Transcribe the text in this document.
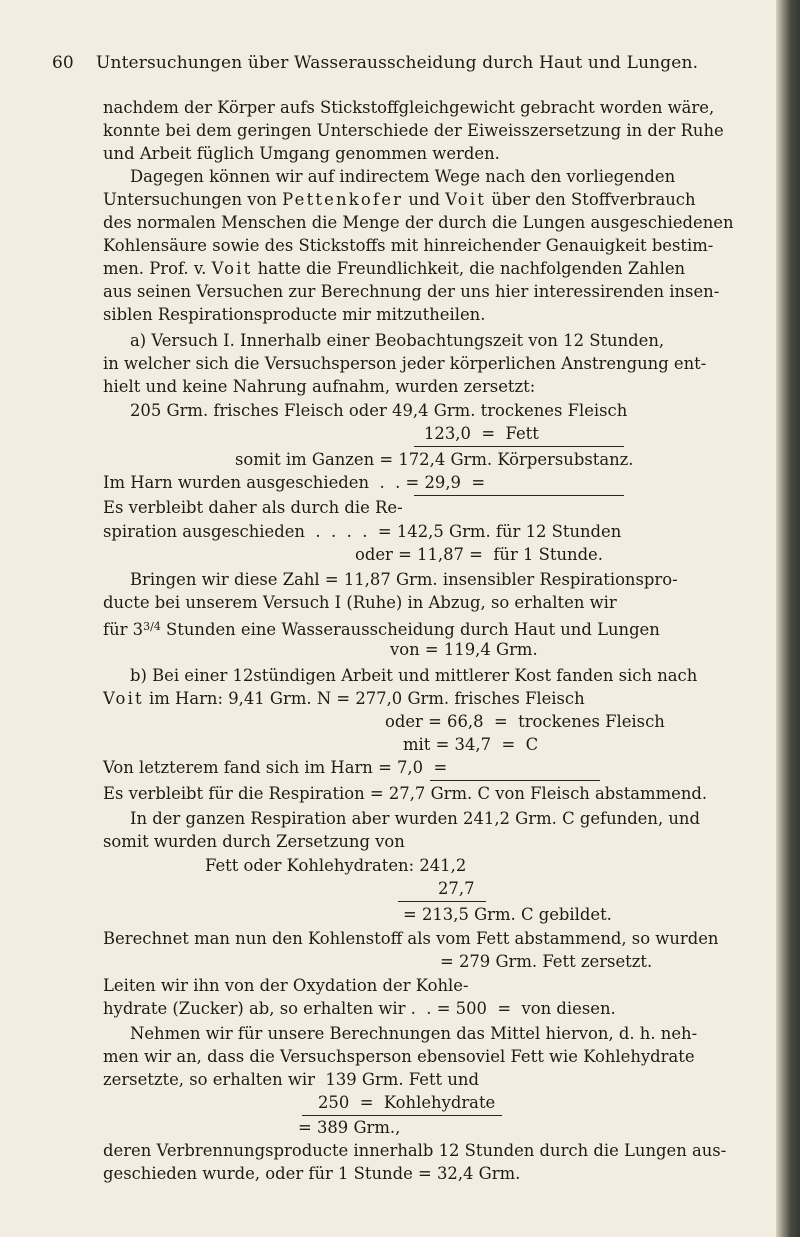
60 Untersuchungen über Wasserausscheidung durch Haut und Lungen.
nachdem der Körper aufs Stickstoffgleichgewicht gebracht worden wäre,
konnte bei dem geringen Unterschiede der Eiweisszersetzung in der Ruhe
und Arbeit füglich Umgang genommen werden.
Dagegen können wir auf indirectem Wege nach den vorliegenden
Untersuchungen von Pettenkofer und Voit über den Stoffverbrauch
des normalen Menschen die Menge der durch die Lungen ausgeschiedenen
Kohlensäure sowie des Stickstoffs mit hinreichender Genauigkeit bestim-
men. Prof. v. Voit hatte die Freundlichkeit, die nachfolgenden Zahlen
aus seinen Versuchen zur Berechnung der uns hier interessirenden insen-
siblen Respirationsproducte mir mitzutheilen.
a) Versuch I. Innerhalb einer Beobachtungszeit von 12 Stunden,
in welcher sich die Versuchsperson jeder körperlichen Anstrengung ent-
hielt und keine Nahrung aufnahm, wurden zersetzt:
205 Grm. frisches Fleisch oder 49,4 Grm. trockenes Fleisch
123,0  =  Fett
somit im Ganzen = 172,4 Grm. Körpersubstanz.
Im Harn wurden ausgeschieden  .  . = 29,9  =
Es verbleibt daher als durch die Re-
spiration ausgeschieden  .  .  .  .  = 142,5 Grm. für 12 Stunden
oder = 11,87 =  für 1 Stunde.
Bringen wir diese Zahl = 11,87 Grm. insensibler Respirationspro-
ducte bei unserem Versuch I (Ruhe) in Abzug, so erhalten wir
für $3^{3/4}$ Stunden eine Wasserausscheidung durch Haut und Lungen
von = 119,4 Grm.
b) Bei einer 12stündigen Arbeit und mittlerer Kost fanden sich nach
Voit im Harn: 9,41 Grm. N = 277,0 Grm. frisches Fleisch
oder = 66,8  =  trockenes Fleisch
mit = 34,7  =  C
Von letzterem fand sich im Harn = 7,0  =
Es verbleibt für die Respiration = 27,7 Grm. C von Fleisch abstammend.
In der ganzen Respiration aber wurden 241,2 Grm. C gefunden, und
somit wurden durch Zersetzung von
Fett oder Kohlehydraten: 241,2
27,7
= 213,5 Grm. C gebildet.
Berechnet man nun den Kohlenstoff als vom Fett abstammend, so wurden
= 279 Grm. Fett zersetzt.
Leiten wir ihn von der Oxydation der Kohle-
hydrate (Zucker) ab, so erhalten wir .  . = 500  =  von diesen.
Nehmen wir für unsere Berechnungen das Mittel hiervon, d. h. neh-
men wir an, dass die Versuchsperson ebensoviel Fett wie Kohlehydrate
zersetzte, so erhalten wir  139 Grm. Fett und
250  =  Kohlehydrate
= 389 Grm.,
deren Verbrennungsproducte innerhalb 12 Stunden durch die Lungen aus-
geschieden wurde, oder für 1 Stunde = 32,4 Grm.
